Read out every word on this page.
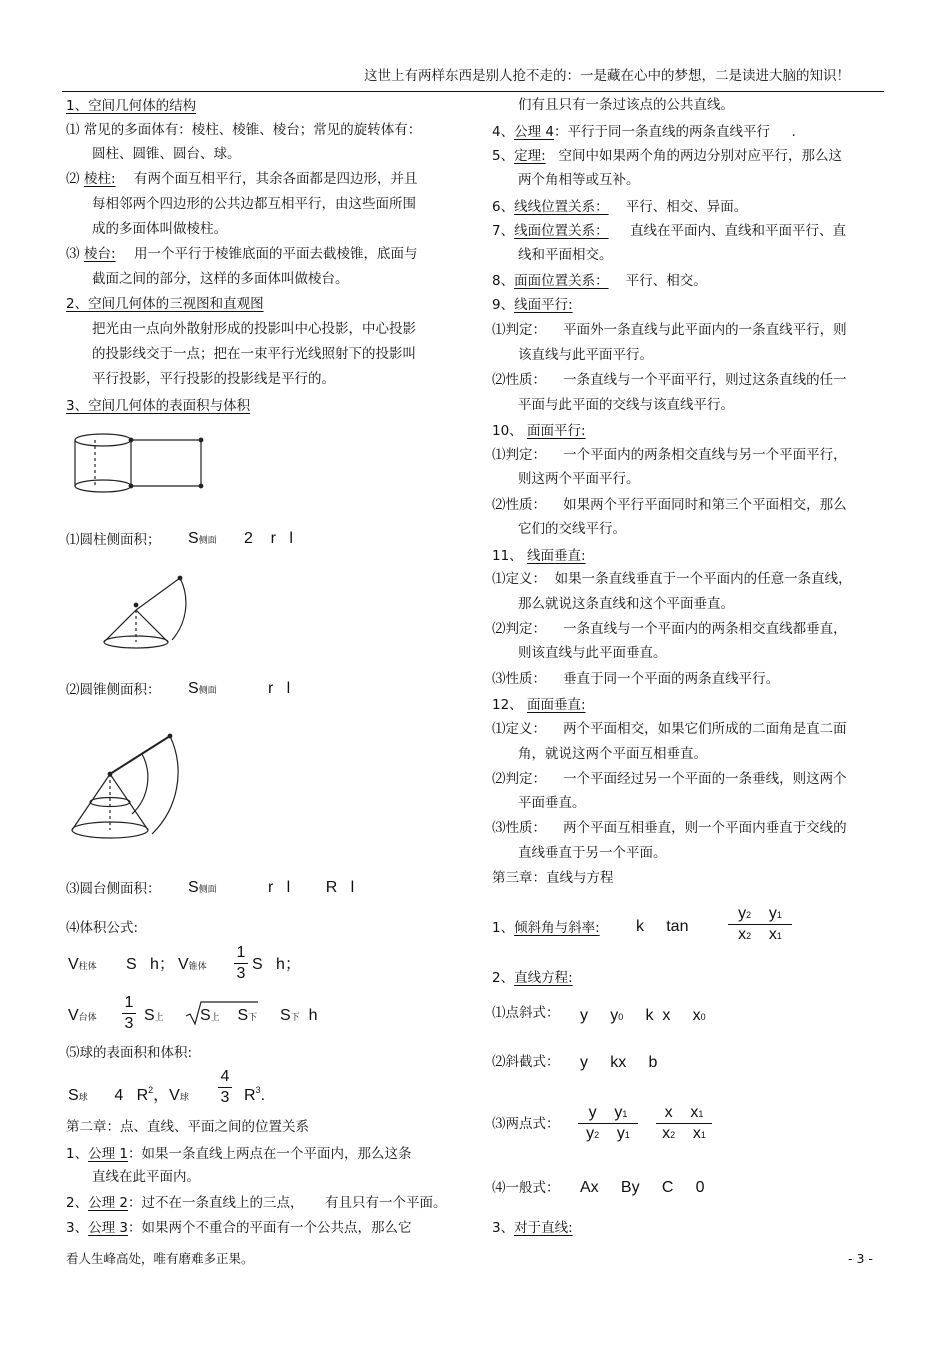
这世上有两样东西是别人抢不走的：一是藏在心中的梦想，二是读进大脑的知识！
1、空间几何体的结构
⑴ 常见的多面体有：棱柱、棱锥、棱台；常见的旋转体有：
圆柱、圆锥、圆台、球。
⑵ 棱柱: 有两个面互相平行，其余各面都是四边形，并且
每相邻两个四边形的公共边都互相平行，由这些面所围
成的多面体叫做棱柱。
⑶ 棱台: 用一个平行于棱锥底面的平面去截棱锥，底面与
截面之间的部分，这样的多面体叫做棱台。
2、空间几何体的三视图和直观图
把光由一点向外散射形成的投影叫中心投影，中心投影
的投影线交于一点；把在一束平行光线照射下的投影叫
平行投影，平行投影的投影线是平行的。
3、空间几何体的表面积与体积
⑴圆柱侧面积； S侧面 2    r   l
⑵圆锥侧面积： S侧面	r   l
⑶圆台侧面积： S侧面	r   l        R   l
⑷体积公式:
V柱体 S   h； V锥体
1
3
S   h；
V台体
1
3 S上 S上 S下 S下 h
⑸球的表面积和体积:
S球 4   $R^2$，V球
4
3 $R^3$.
第二章：点、直线、平面之间的位置关系
1、公理 1：如果一条直线上两点在一个平面内，那么这条
直线在此平面内。
2、公理 2：过不在一条直线上的三点，     有且只有一个平面。
3、公理 3：如果两个不重合的平面有一个公共点，那么它
们有且只有一条过该点的公共直线。
4、公理 4：平行于同一条直线的两条直线平行     .
5、定理: 空间中如果两个角的两边分别对应平行，那么这
两个角相等或互补。
6、线线位置关系： 平行、相交、异面。
7、线面位置关系： 直线在平面内、直线和平面平行、直
线和平面相交。
8、面面位置关系： 平行、相交。
9、线面平行:
⑴判定：    平面外一条直线与此平面内的一条直线平行，则
该直线与此平面平行。
⑵性质：    一条直线与一个平面平行，则过这条直线的任一
平面与此平面的交线与该直线平行。
10、 面面平行:
⑴判定：    一个平面内的两条相交直线与另一个平面平行，
则这两个平面平行。
⑵性质：    如果两个平行平面同时和第三个平面相交，那么
它们的交线平行。
11、 线面垂直:
⑴定义：  如果一条直线垂直于一个平面内的任意一条直线，
那么就说这条直线和这个平面垂直。
⑵判定：    一条直线与一个平面内的两条相交直线都垂直，
则该直线与此平面垂直。
⑶性质：    垂直于同一个平面的两条直线平行。
12、 面面垂直:
⑴定义：    两个平面相交，如果它们所成的二面角是直二面
角，就说这两个平面互相垂直。
⑵判定：    一个平面经过另一个平面的一条垂线，则这两个
平面垂直。
⑶性质：    两个平面互相垂直，则一个平面内垂直于交线的
直线垂直于另一个平面。
第三章：直线与方程
1、倾斜角与斜率: k     tan
y2 y1
x2 x1
2、直线方程:
⑴点斜式： y y0 k  x x0
⑵斜截式： y kx b
⑶两点式：
y y1
y2 y1
x x1
x2 x1
⑷一般式： Ax By C 0
3、对于直线:
看人生峰高处，唯有磨难多正果。	- 3 -
